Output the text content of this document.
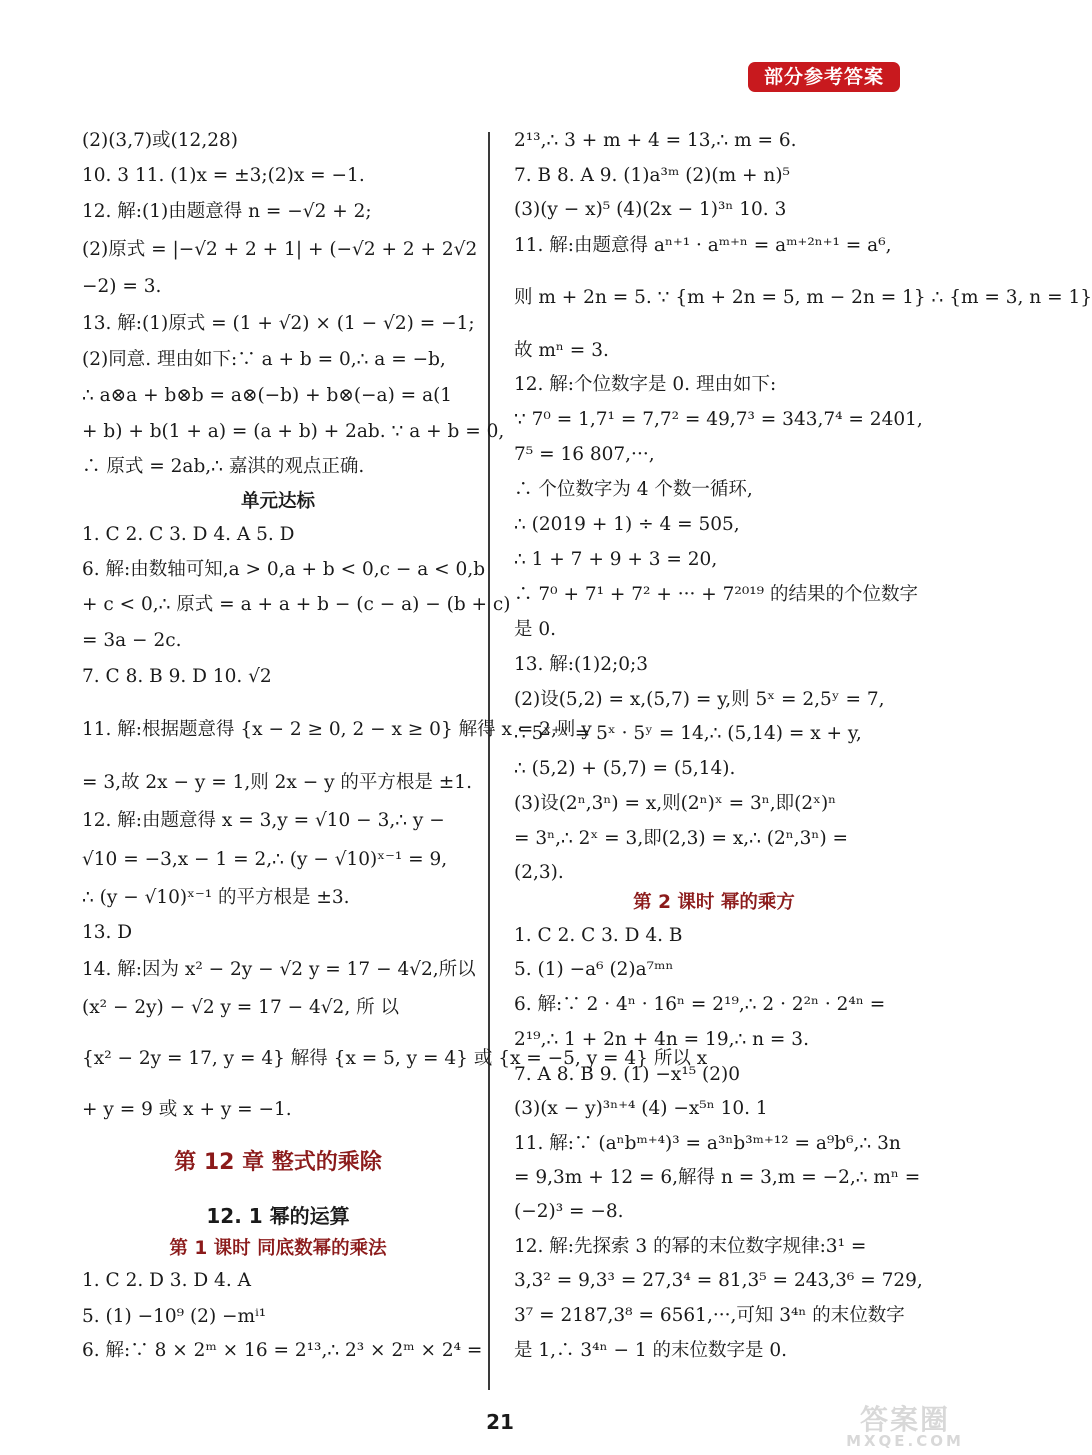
部分参考答案
(2)(3,7)或(12,28)
10. 3 11. (1)x = ±3;(2)x = −1.
12. 解:(1)由题意得 n = −√2 + 2;
(2)原式 = |−√2 + 2 + 1| + (−√2 + 2 + 2√2
−2) = 3.
13. 解:(1)原式 = (1 + √2) × (1 − √2) = −1;
(2)同意. 理由如下:∵ a + b = 0,∴ a = −b,
∴ a⊗a + b⊗b = a⊗(−b) + b⊗(−a) = a(1
+ b) + b(1 + a) = (a + b) + 2ab. ∵ a + b = 0,
∴ 原式 = 2ab,∴ 嘉淇的观点正确.
单元达标
1. C 2. C 3. D 4. A 5. D
6. 解:由数轴可知,a > 0,a + b < 0,c − a < 0,b
+ c < 0,∴ 原式 = a + a + b − (c − a) − (b + c)
= 3a − 2c.
7. C 8. B 9. D 10. √2
11. 解:根据题意得 {x − 2 ≥ 0, 2 − x ≥ 0} 解得 x = 2,则 y
= 3,故 2x − y = 1,则 2x − y 的平方根是 ±1.
12. 解:由题意得 x = 3,y = √10 − 3,∴ y −
√10 = −3,x − 1 = 2,∴ (y − √10)ˣ⁻¹ = 9,
∴ (y − √10)ˣ⁻¹ 的平方根是 ±3.
13. D
14. 解:因为 x² − 2y − √2 y = 17 − 4√2,所以
(x² − 2y) − √2 y = 17 − 4√2, 所 以
{x² − 2y = 17, y = 4} 解得 {x = 5, y = 4} 或 {x = −5, y = 4} 所以 x
+ y = 9 或 x + y = −1.
第 12 章 整式的乘除
12. 1 幂的运算
第 1 课时 同底数幂的乘法
1. C 2. D 3. D 4. A
5. (1) −10⁹ (2) −mⁱ¹
6. 解:∵ 8 × 2ᵐ × 16 = 2¹³,∴ 2³ × 2ᵐ × 2⁴ =
2¹³,∴ 3 + m + 4 = 13,∴ m = 6.
7. B 8. A 9. (1)a³ᵐ (2)(m + n)⁵
(3)(y − x)⁵ (4)(2x − 1)³ⁿ 10. 3
11. 解:由题意得 aⁿ⁺¹ · aᵐ⁺ⁿ = aᵐ⁺²ⁿ⁺¹ = a⁶,
则 m + 2n = 5. ∵ {m + 2n = 5, m − 2n = 1} ∴ {m = 3, n = 1}
故 mⁿ = 3.
12. 解:个位数字是 0. 理由如下:
∵ 7⁰ = 1,7¹ = 7,7² = 49,7³ = 343,7⁴ = 2401,
7⁵ = 16 807,···,
∴ 个位数字为 4 个数一循环,
∴ (2019 + 1) ÷ 4 = 505,
∴ 1 + 7 + 9 + 3 = 20,
∴ 7⁰ + 7¹ + 7² + ··· + 7²⁰¹⁹ 的结果的个位数字
是 0.
13. 解:(1)2;0;3
(2)设(5,2) = x,(5,7) = y,则 5ˣ = 2,5ʸ = 7,
∴ 5ˣ⁺ʸ = 5ˣ · 5ʸ = 14,∴ (5,14) = x + y,
∴ (5,2) + (5,7) = (5,14).
(3)设(2ⁿ,3ⁿ) = x,则(2ⁿ)ˣ = 3ⁿ,即(2ˣ)ⁿ
= 3ⁿ,∴ 2ˣ = 3,即(2,3) = x,∴ (2ⁿ,3ⁿ) =
(2,3).
第 2 课时 幂的乘方
1. C 2. C 3. D 4. B
5. (1) −a⁶ (2)a⁷ᵐⁿ
6. 解:∵ 2 · 4ⁿ · 16ⁿ = 2¹⁹,∴ 2 · 2²ⁿ · 2⁴ⁿ =
2¹⁹,∴ 1 + 2n + 4n = 19,∴ n = 3.
7. A 8. B 9. (1) −x¹⁵ (2)0
(3)(x − y)³ⁿ⁺⁴ (4) −x⁵ⁿ 10. 1
11. 解:∵ (aⁿbᵐ⁺⁴)³ = a³ⁿb³ᵐ⁺¹² = a⁹b⁶,∴ 3n
= 9,3m + 12 = 6,解得 n = 3,m = −2,∴ mⁿ =
(−2)³ = −8.
12. 解:先探索 3 的幂的末位数字规律:3¹ =
3,3² = 9,3³ = 27,3⁴ = 81,3⁵ = 243,3⁶ = 729,
3⁷ = 2187,3⁸ = 6561,···,可知 3⁴ⁿ 的末位数字
是 1,∴ 3⁴ⁿ − 1 的末位数字是 0.
21	答案圈
MXQE.COM
